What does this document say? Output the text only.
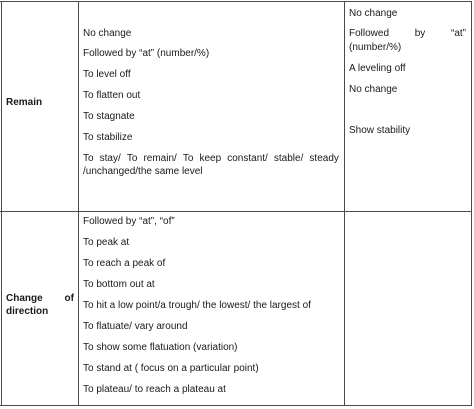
Remain
No change
Followed by “at” (number/%)
To level off
To flatten out
To stagnate
To stabilize
To stay/ To remain/ To keep constant/ stable/ steady
/unchanged/the same level
No change
Followed	by	“at”
(number/%)
A leveling off
No change
Show stability
Change of
direction
Followed by “at”, “of”
To peak at
To reach a peak of
To bottom out at
To hit a low point/a trough/ the lowest/ the largest of
To flatuate/ vary around
To show some flatuation (variation)
To stand at ( focus on a particular point)
To plateau/ to reach a plateau at
